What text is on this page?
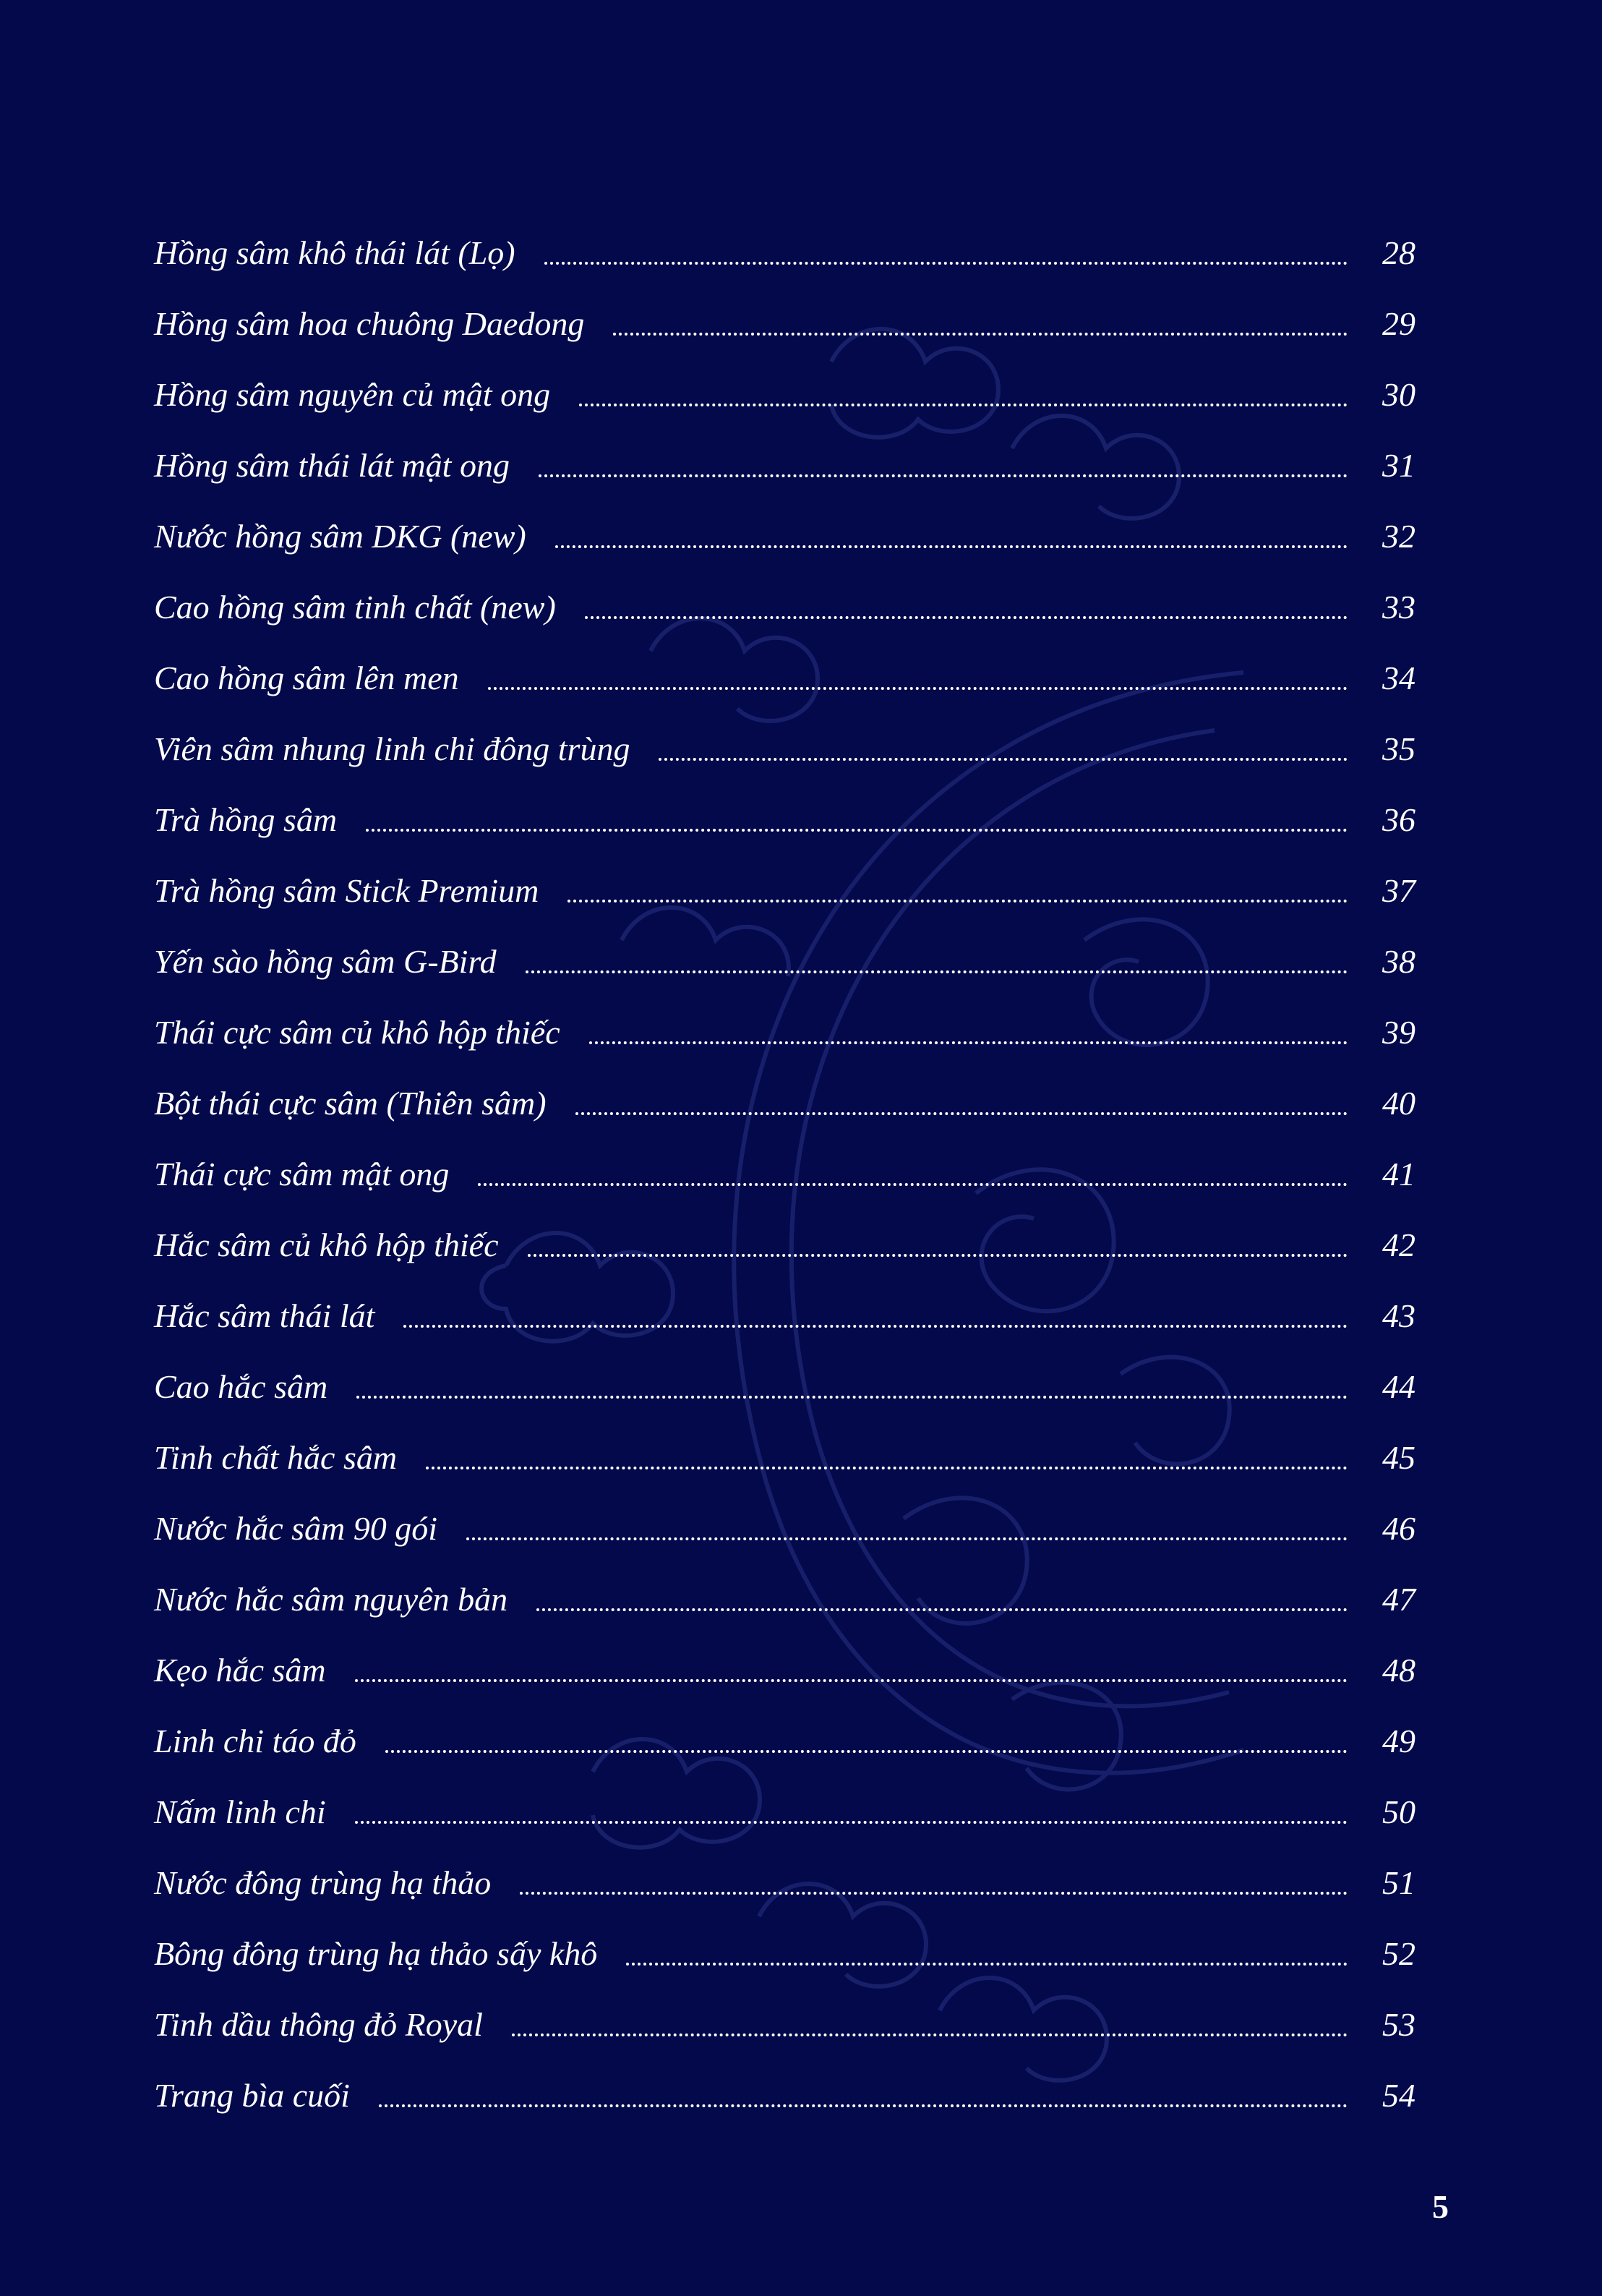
Hồng sâm khô thái lát (Lọ)	28
Hồng sâm hoa chuông Daedong	29
Hồng sâm nguyên củ mật ong	30
Hồng sâm thái lát mật ong	31
Nước hồng sâm DKG (new)	32
Cao hồng sâm tinh chất (new)	33
Cao hồng sâm lên men	34
Viên sâm nhung linh chi đông trùng	35
Trà hồng sâm	36
Trà hồng sâm Stick Premium	37
Yến sào hồng sâm G-Bird	38
Thái cực sâm củ khô hộp thiếc	39
Bột thái cực sâm (Thiên sâm)	40
Thái cực sâm mật ong	41
Hắc sâm củ khô hộp thiếc	42
Hắc sâm thái lát	43
Cao hắc sâm	44
Tinh chất hắc sâm	45
Nước hắc sâm 90 gói	46
Nước hắc sâm nguyên bản	47
Kẹo hắc sâm	48
Linh chi táo đỏ	49
Nấm linh chi	50
Nước đông trùng hạ thảo	51
Bông đông trùng hạ thảo sấy khô	52
Tinh dầu thông đỏ Royal	53
Trang bìa cuối	54
5
